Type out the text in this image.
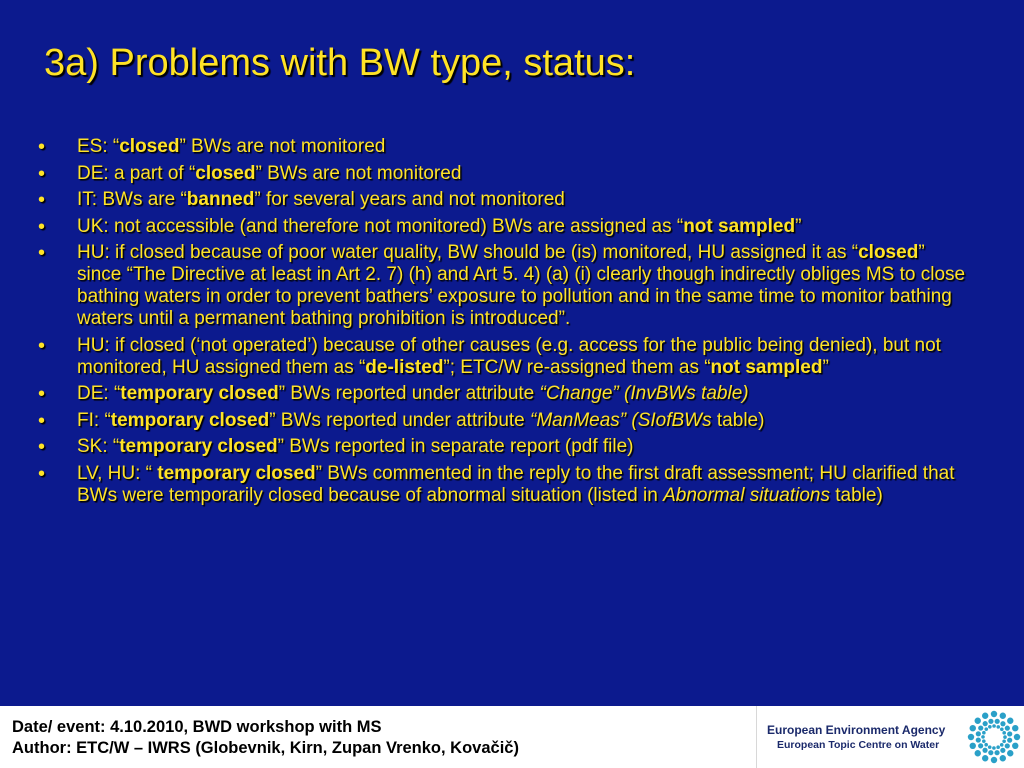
3a) Problems with BW type, status:
• ES: “closed” BWs are not monitored
• DE: a part of “closed” BWs are not monitored
• IT: BWs are “banned” for several years and not monitored
• UK: not accessible (and therefore not monitored) BWs are assigned as “not sampled”
• HU: if closed because of poor water quality, BW should be (is) monitored, HU assigned it as “closed” since “The Directive at least in Art 2. 7) (h) and Art 5. 4) (a) (i) clearly though indirectly obliges MS to close bathing waters in order to prevent bathers’ exposure to pollution and in the same time to monitor bathing waters until a permanent bathing prohibition is introduced”.
• HU: if closed (‘not operated’) because of other causes (e.g. access for the public being denied), but not monitored, HU assigned them as “de-listed”; ETC/W re-assigned them as “not sampled”
• DE: “temporary closed” BWs reported under attribute “Change” (InvBWs table)
• FI: “temporary closed” BWs reported under attribute “ManMeas” (SIofBWs table)
• SK: “temporary closed” BWs reported in separate report (pdf file)
• LV, HU: “ temporary closed” BWs commented in the reply to the first draft assessment; HU clarified that BWs were temporarily closed because of abnormal situation (listed in Abnormal situations table)
Date/ event: 4.10.2010, BWD workshop with MS
Author: ETC/W – IWRS (Globevnik, Kirn, Zupan Vrenko, Kovačič)
European Environment Agency
European Topic Centre on Water
